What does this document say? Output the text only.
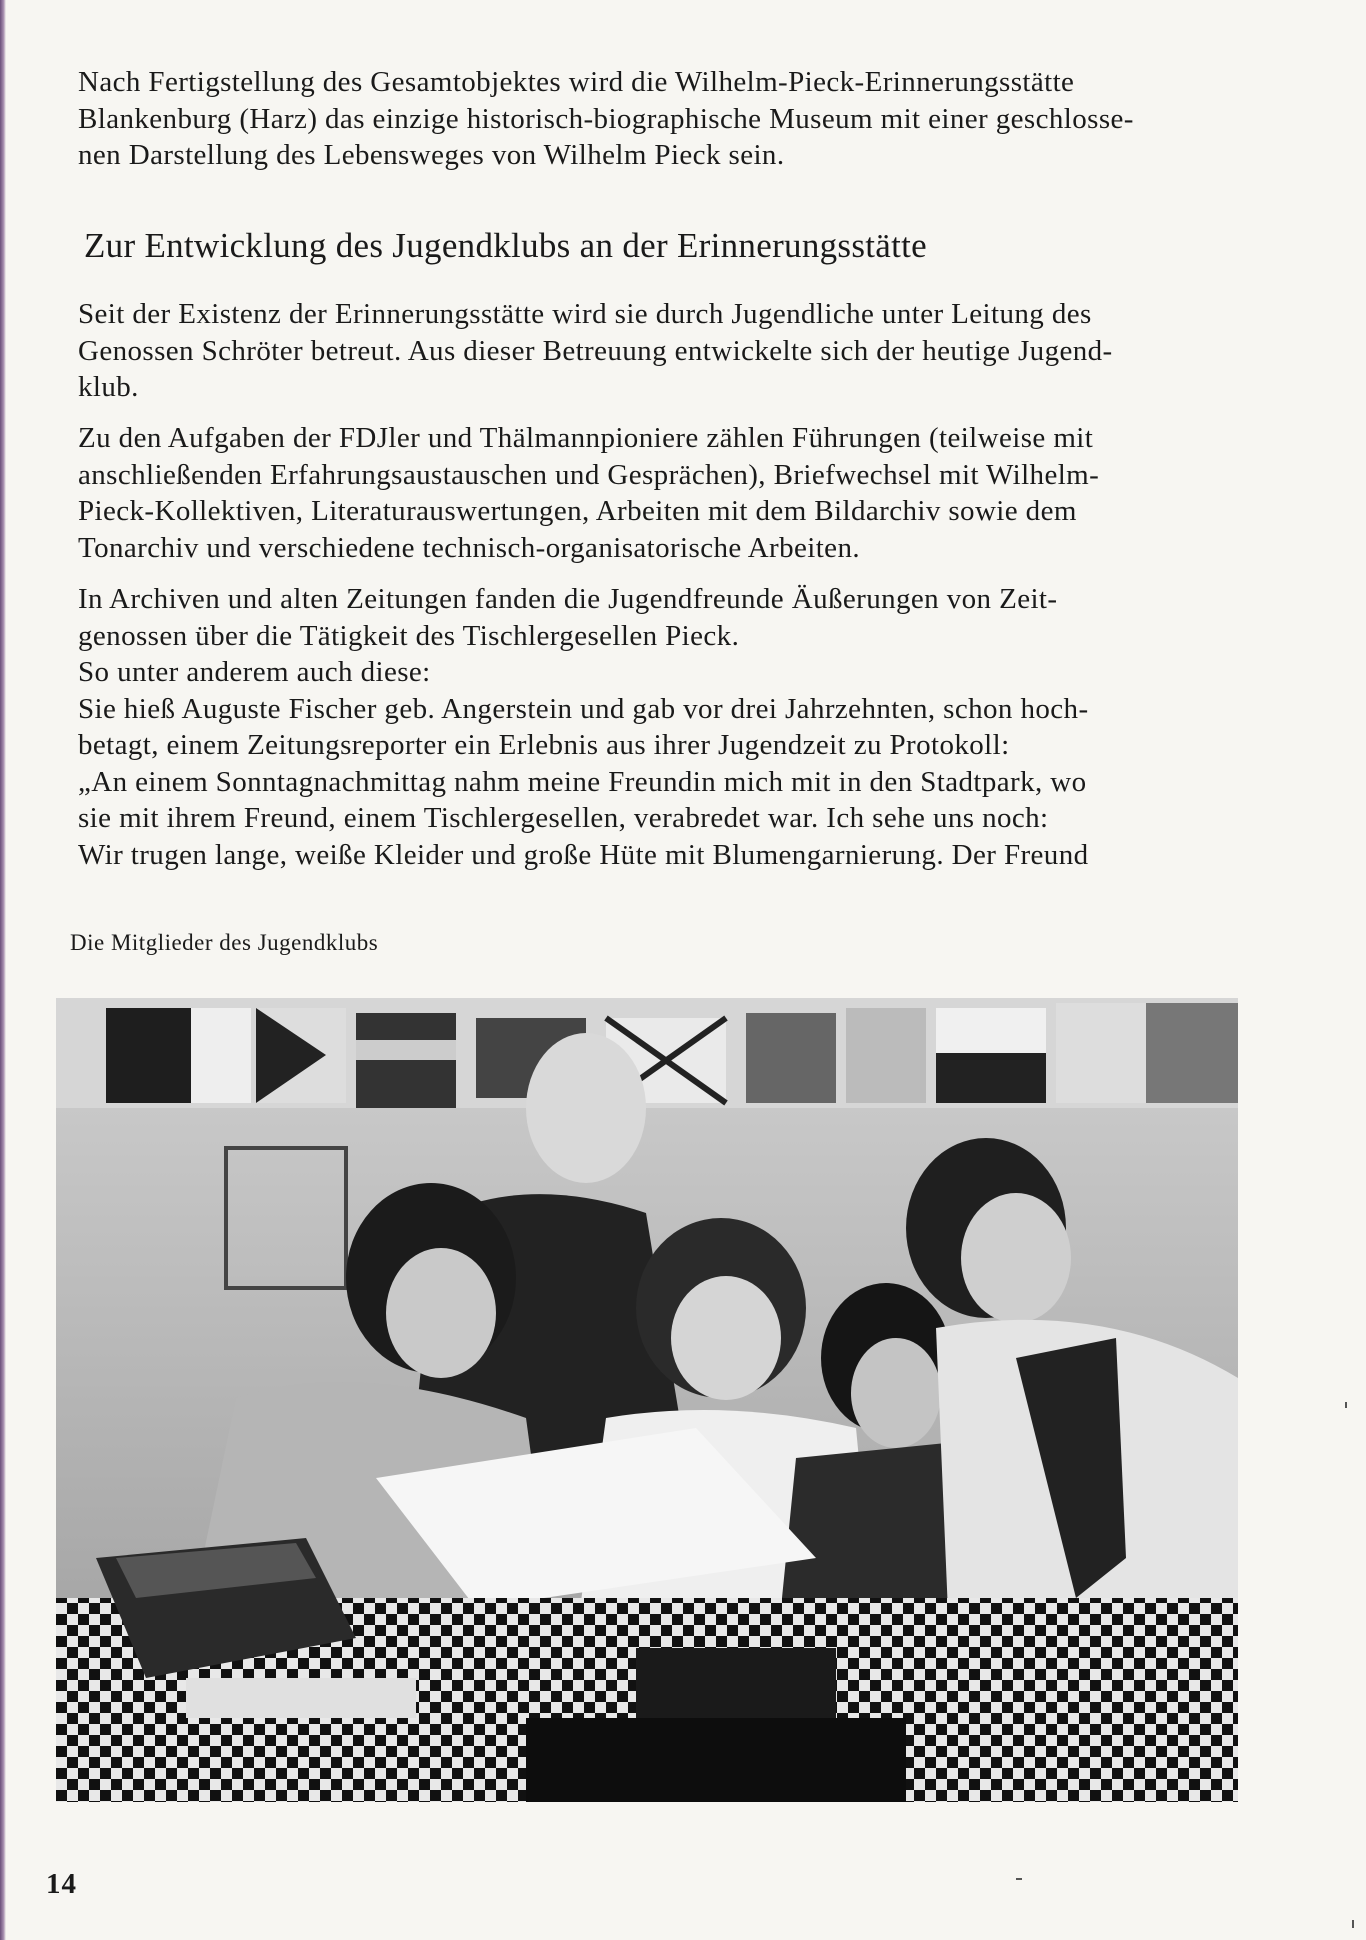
Nach Fertigstellung des Gesamtobjektes wird die Wilhelm-Pieck-Erinnerungsstätte
Blankenburg (Harz) das einzige historisch-biographische Museum mit einer geschlosse-
nen Darstellung des Lebensweges von Wilhelm Pieck sein.
Zur Entwicklung des Jugendklubs an der Erinnerungsstätte
Seit der Existenz der Erinnerungsstätte wird sie durch Jugendliche unter Leitung des
Genossen Schröter betreut. Aus dieser Betreuung entwickelte sich der heutige Jugend-
klub.
Zu den Aufgaben der FDJler und Thälmannpioniere zählen Führungen (teilweise mit
anschließenden Erfahrungsaustauschen und Gesprächen), Briefwechsel mit Wilhelm-
Pieck-Kollektiven, Literaturauswertungen, Arbeiten mit dem Bildarchiv sowie dem
Tonarchiv und verschiedene technisch-organisatorische Arbeiten.
In Archiven und alten Zeitungen fanden die Jugendfreunde Äußerungen von Zeit-
genossen über die Tätigkeit des Tischlergesellen Pieck.
So unter anderem auch diese:
Sie hieß Auguste Fischer geb. Angerstein und gab vor drei Jahrzehnten, schon hoch-
betagt, einem Zeitungsreporter ein Erlebnis aus ihrer Jugendzeit zu Protokoll:
„An einem Sonntagnachmittag nahm meine Freundin mich mit in den Stadtpark, wo
sie mit ihrem Freund, einem Tischlergesellen, verabredet war. Ich sehe uns noch:
Wir trugen lange, weiße Kleider und große Hüte mit Blumengarnierung. Der Freund
Die Mitglieder des Jugendklubs
14
